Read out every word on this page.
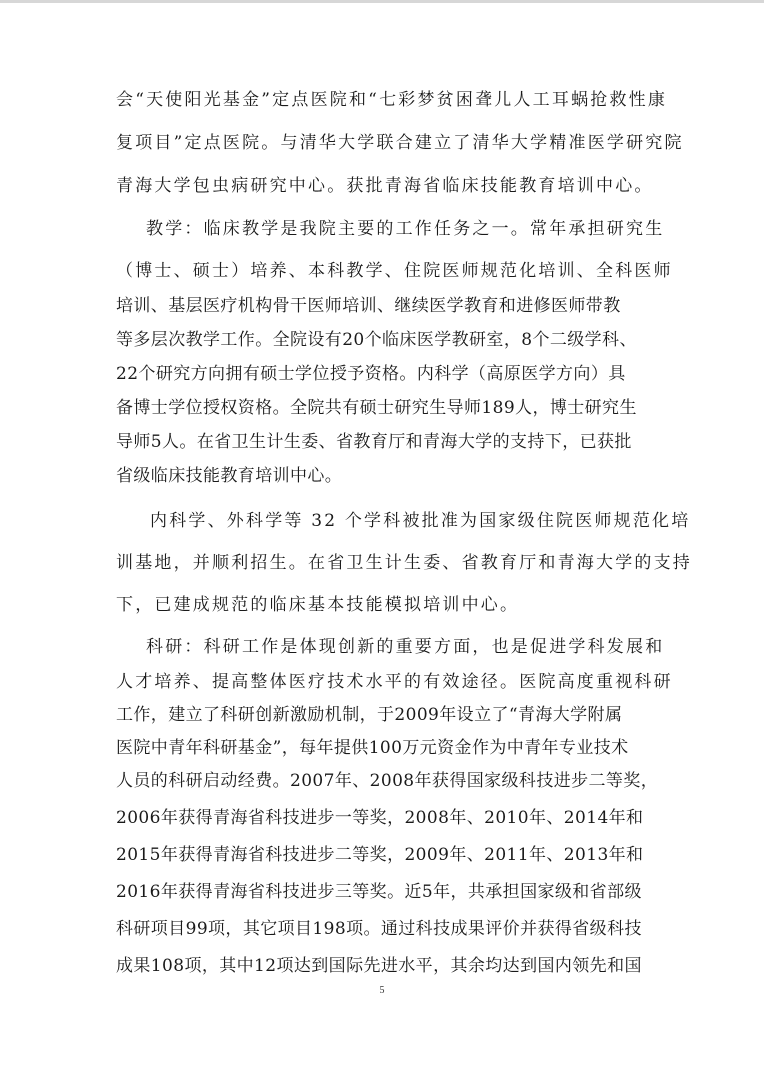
会“天使阳光基金”定点医院和“七彩梦贫困聋儿人工耳蜗抢救性康
复项目”定点医院。与清华大学联合建立了清华大学精准医学研究院
青海大学包虫病研究中心。获批青海省临床技能教育培训中心。
教学：临床教学是我院主要的工作任务之一。常年承担研究生
（博士、硕士）培养、本科教学、住院医师规范化培训、全科医师
培训、基层医疗机构骨干医师培训、继续医学教育和进修医师带教
等多层次教学工作。全院设有20个临床医学教研室，8个二级学科、
22个研究方向拥有硕士学位授予资格。内科学（高原医学方向）具
备博士学位授权资格。全院共有硕士研究生导师189人，博士研究生
导师5人。在省卫生计生委、省教育厅和青海大学的支持下，已获批
省级临床技能教育培训中心。
内科学、外科学等 32 个学科被批准为国家级住院医师规范化培
训基地，并顺利招生。在省卫生计生委、省教育厅和青海大学的支持
下，已建成规范的临床基本技能模拟培训中心。
科研：科研工作是体现创新的重要方面，也是促进学科发展和
人才培养、提高整体医疗技术水平的有效途径。医院高度重视科研
工作，建立了科研创新激励机制，于2009年设立了“青海大学附属
医院中青年科研基金”，每年提供100万元资金作为中青年专业技术
人员的科研启动经费。2007年、2008年获得国家级科技进步二等奖，
2006年获得青海省科技进步一等奖，2008年、2010年、2014年和
2015年获得青海省科技进步二等奖，2009年、2011年、2013年和
2016年获得青海省科技进步三等奖。近5年，共承担国家级和省部级
科研项目99项，其它项目198项。通过科技成果评价并获得省级科技
成果108项，其中12项达到国际先进水平，其余均达到国内领先和国
5
